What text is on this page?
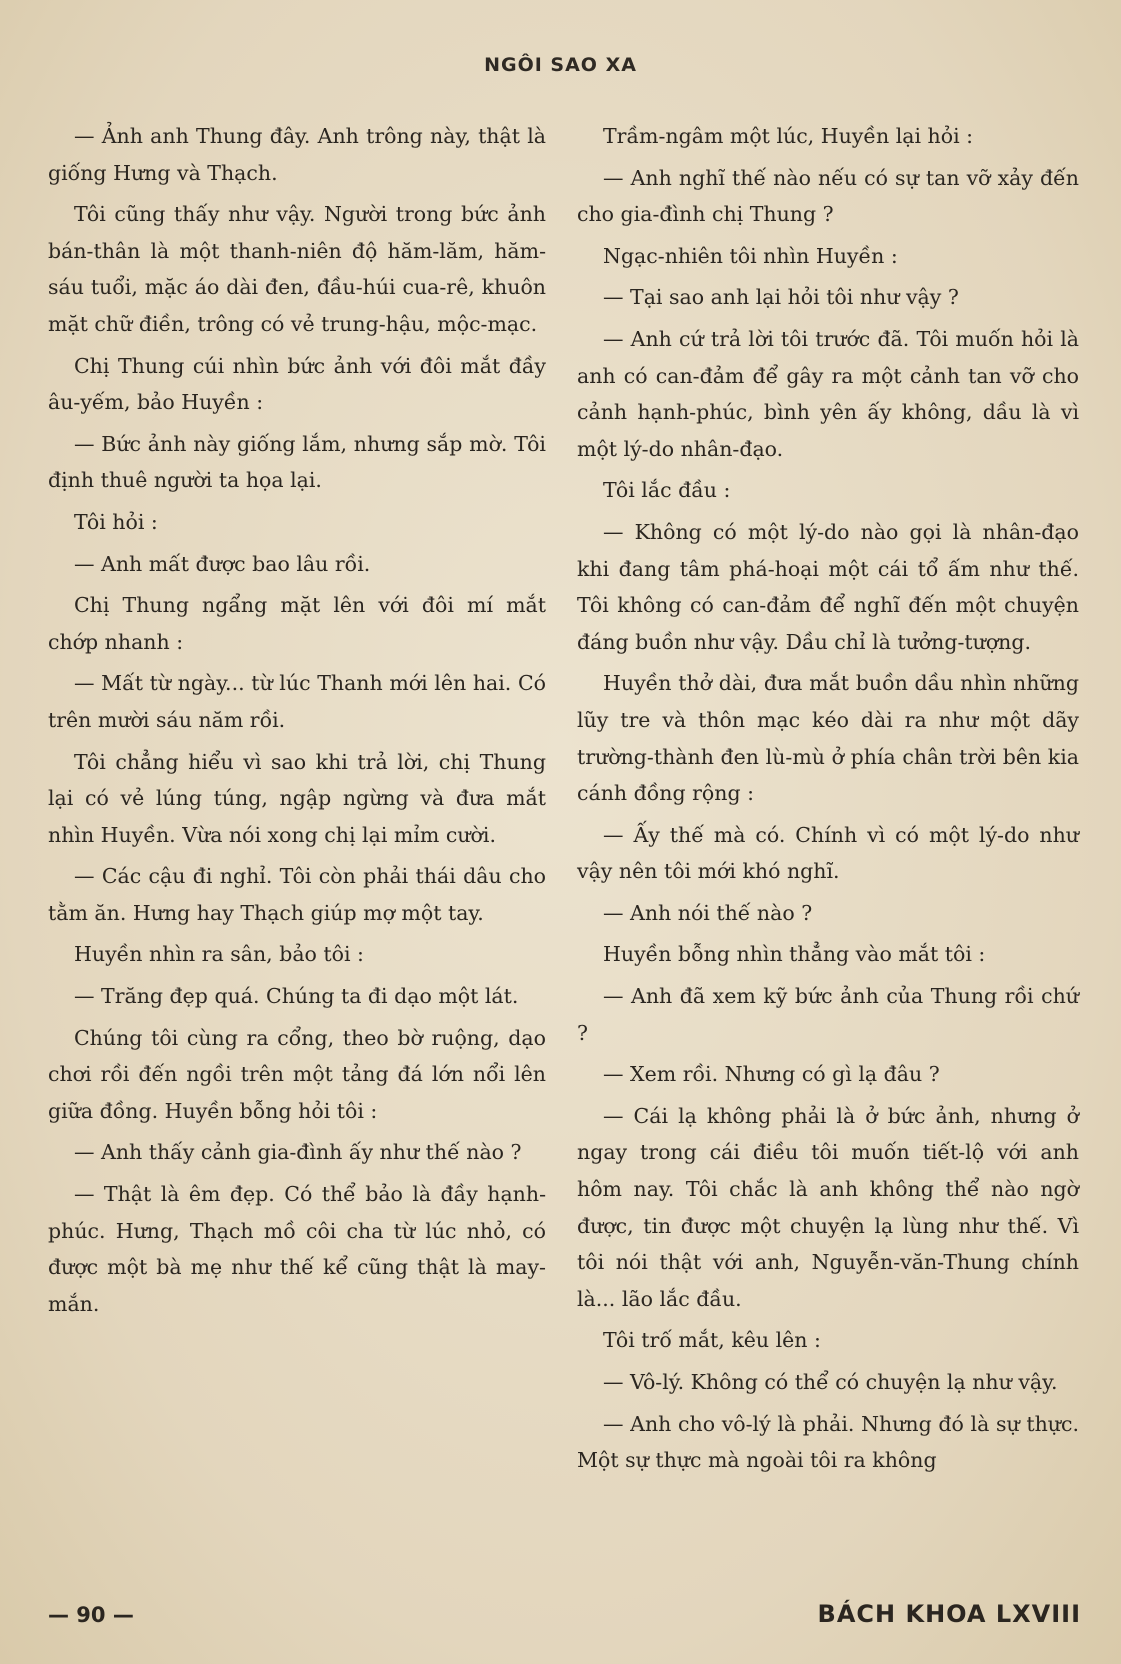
NGÔI SAO XA

— Ảnh anh Thung đây. Anh trông này, thật là giống Hưng và Thạch.

Tôi cũng thấy như vậy. Người trong bức ảnh bán-thân là một thanh-niên độ hăm-lăm, hăm-sáu tuổi, mặc áo dài đen, đầu-húi cua-rê, khuôn mặt chữ điền, trông có vẻ trung-hậu, mộc-mạc.

Chị Thung cúi nhìn bức ảnh với đôi mắt đầy âu-yếm, bảo Huyền :

— Bức ảnh này giống lắm, nhưng sắp mờ. Tôi định thuê người ta họa lại.

Tôi hỏi :

— Anh mất được bao lâu rồi.

Chị Thung ngẩng mặt lên với đôi mí mắt chớp nhanh :

— Mất từ ngày... từ lúc Thanh mới lên hai. Có trên mười sáu năm rồi.

Tôi chẳng hiểu vì sao khi trả lời, chị Thung lại có vẻ lúng túng, ngập ngừng và đưa mắt nhìn Huyền. Vừa nói xong chị lại mỉm cười.

— Các cậu đi nghỉ. Tôi còn phải thái dâu cho tằm ăn. Hưng hay Thạch giúp mợ một tay.

Huyền nhìn ra sân, bảo tôi :

— Trăng đẹp quá. Chúng ta đi dạo một lát.

Chúng tôi cùng ra cổng, theo bờ ruộng, dạo chơi rồi đến ngồi trên một tảng đá lớn nổi lên giữa đồng. Huyền bỗng hỏi tôi :

— Anh thấy cảnh gia-đình ấy như thế nào ?

— Thật là êm đẹp. Có thể bảo là đầy hạnh-phúc. Hưng, Thạch mồ côi cha từ lúc nhỏ, có được một bà mẹ như thế kể cũng thật là may-mắn.

Trầm-ngâm một lúc, Huyền lại hỏi :

— Anh nghĩ thế nào nếu có sự tan vỡ xảy đến cho gia-đình chị Thung ?

Ngạc-nhiên tôi nhìn Huyền :

— Tại sao anh lại hỏi tôi như vậy ?

— Anh cứ trả lời tôi trước đã. Tôi muốn hỏi là anh có can-đảm để gây ra một cảnh tan vỡ cho cảnh hạnh-phúc, bình yên ấy không, dầu là vì một lý-do nhân-đạo.

Tôi lắc đầu :

— Không có một lý-do nào gọi là nhân-đạo khi đang tâm phá-hoại một cái tổ ấm như thế. Tôi không có can-đảm để nghĩ đến một chuyện đáng buồn như vậy. Dầu chỉ là tưởng-tượng.

Huyền thở dài, đưa mắt buồn dầu nhìn những lũy tre và thôn mạc kéo dài ra như một dãy trường-thành đen lù-mù ở phía chân trời bên kia cánh đồng rộng :

— Ấy thế mà có. Chính vì có một lý-do như vậy nên tôi mới khó nghĩ.

— Anh nói thế nào ?

Huyền bỗng nhìn thẳng vào mắt tôi :

— Anh đã xem kỹ bức ảnh của Thung rồi chứ ?

— Xem rồi. Nhưng có gì lạ đâu ?

— Cái lạ không phải là ở bức ảnh, nhưng ở ngay trong cái điều tôi muốn tiết-lộ với anh hôm nay. Tôi chắc là anh không thể nào ngờ được, tin được một chuyện lạ lùng như thế. Vì tôi nói thật với anh, Nguyễn-văn-Thung chính là... lão lắc đầu.

Tôi trố mắt, kêu lên :

— Vô-lý. Không có thể có chuyện lạ như vậy.

— Anh cho vô-lý là phải. Nhưng đó là sự thực. Một sự thực mà ngoài tôi ra không

— 90 —	BÁCH KHOA LXVIII
